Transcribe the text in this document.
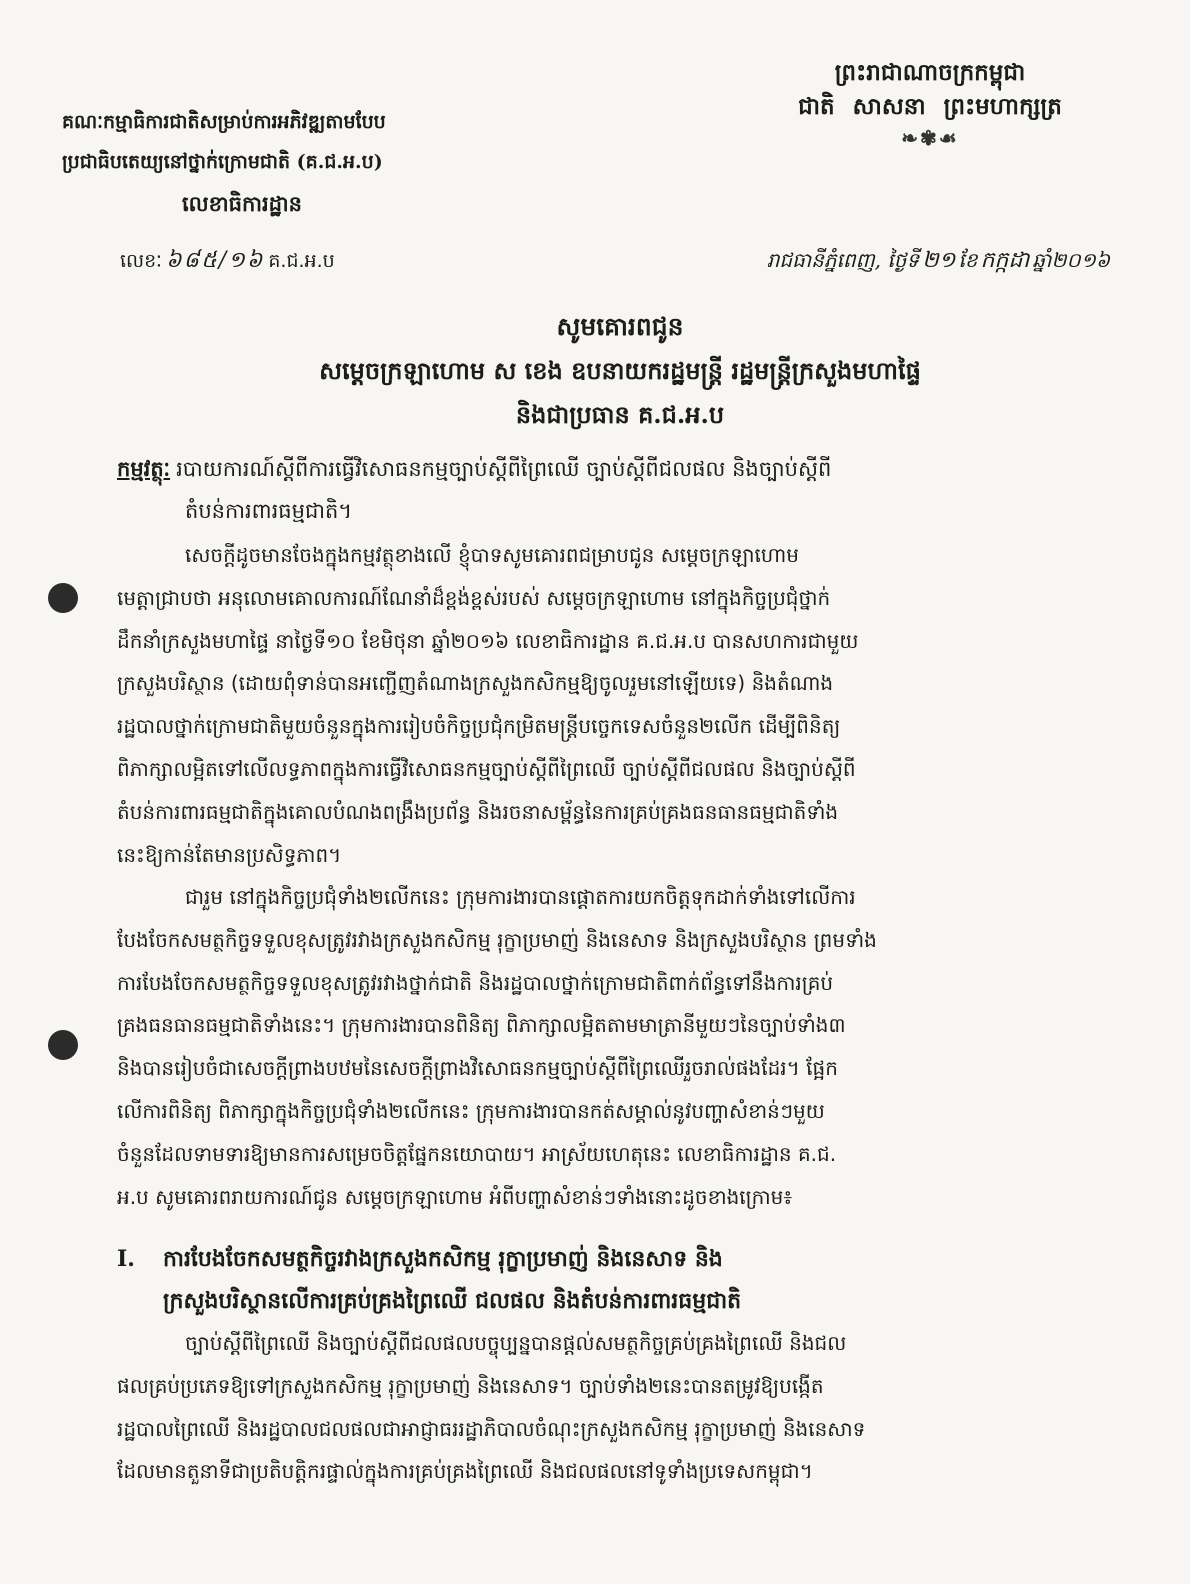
ព្រះរាជាណាចក្រកម្ពុជា
ជាតិ សាសនា ព្រះមហាក្សត្រ
❧✾☙
គណៈកម្មាធិការជាតិសម្រាប់ការអភិវឌ្ឍតាមបែប
ប្រជាធិបតេយ្យនៅថ្នាក់ក្រោមជាតិ (គ.ជ.អ.ប)
លេខាធិការដ្ឋាន
លេខៈ ៦៨៥/១៦ គ.ជ.អ.ប	រាជធានីភ្នំពេញ, ថ្ងៃទី ២១ ខែ កក្កដា ឆ្នាំ២០១៦
សូមគោរពជូន
សម្តេចក្រឡាហោម ស ខេង ឧបនាយករដ្ឋមន្ត្រី រដ្ឋមន្ត្រីក្រសួងមហាផ្ទៃ
និងជាប្រធាន គ.ជ.អ.ប
កម្មវត្ថុៈ របាយការណ៍ស្តីពីការធ្វើវិសោធនកម្មច្បាប់ស្តីពីព្រៃឈើ ច្បាប់ស្តីពីជលផល និងច្បាប់ស្តីពី
តំបន់ការពារធម្មជាតិ។
សេចក្តីដូចមានចែងក្នុងកម្មវត្ថុខាងលើ ខ្ញុំបាទសូមគោរពជម្រាបជូន សម្តេចក្រឡាហោម
មេត្តាជ្រាបថា អនុលោមគោលការណ៍ណែនាំដ៏ខ្ពង់ខ្ពស់របស់ សម្តេចក្រឡាហោម នៅក្នុងកិច្ចប្រជុំថ្នាក់
ដឹកនាំក្រសួងមហាផ្ទៃ នាថ្ងៃទី១០ ខែមិថុនា ឆ្នាំ២០១៦ លេខាធិការដ្ឋាន គ.ជ.អ.ប បានសហការជាមួយ
ក្រសួងបរិស្ថាន (ដោយពុំទាន់បានអញ្ជើញតំណាងក្រសួងកសិកម្មឱ្យចូលរួមនៅឡើយទេ) និងតំណាង
រដ្ឋបាលថ្នាក់ក្រោមជាតិមួយចំនួនក្នុងការរៀបចំកិច្ចប្រជុំកម្រិតមន្ត្រីបច្ចេកទេសចំនួន២លើក ដើម្បីពិនិត្យ
ពិភាក្សាលម្អិតទៅលើលទ្ធភាពក្នុងការធ្វើវិសោធនកម្មច្បាប់ស្តីពីព្រៃឈើ ច្បាប់ស្តីពីជលផល និងច្បាប់ស្តីពី
តំបន់ការពារធម្មជាតិក្នុងគោលបំណងពង្រឹងប្រព័ន្ធ និងរចនាសម្ព័ន្ធនៃការគ្រប់គ្រងធនធានធម្មជាតិទាំង
នេះឱ្យកាន់តែមានប្រសិទ្ធភាព។
ជារួម នៅក្នុងកិច្ចប្រជុំទាំង២លើកនេះ ក្រុមការងារបានផ្តោតការយកចិត្តទុកដាក់ទាំងទៅលើការ
បែងចែកសមត្ថកិច្ចទទួលខុសត្រូវរវាងក្រសួងកសិកម្ម រុក្ខាប្រមាញ់ និងនេសាទ និងក្រសួងបរិស្ថាន ព្រមទាំង
ការបែងចែកសមត្ថកិច្ចទទួលខុសត្រូវរវាងថ្នាក់ជាតិ និងរដ្ឋបាលថ្នាក់ក្រោមជាតិពាក់ព័ន្ធទៅនឹងការគ្រប់
គ្រងធនធានធម្មជាតិទាំងនេះ។ ក្រុមការងារបានពិនិត្យ ពិភាក្សាលម្អិតតាមមាត្រានីមួយៗនៃច្បាប់ទាំង៣
និងបានរៀបចំជាសេចក្តីព្រាងបឋមនៃសេចក្តីព្រាងវិសោធនកម្មច្បាប់ស្តីពីព្រៃឈើរួចរាល់ផងដែរ។ ផ្អែក
លើការពិនិត្យ ពិភាក្សាក្នុងកិច្ចប្រជុំទាំង២លើកនេះ ក្រុមការងារបានកត់សម្គាល់នូវបញ្ហាសំខាន់ៗមួយ
ចំនួនដែលទាមទារឱ្យមានការសម្រេចចិត្តផ្នែកនយោបាយ។ អាស្រ័យហេតុនេះ លេខាធិការដ្ឋាន គ.ជ.
អ.ប សូមគោរពរាយការណ៍ជូន សម្តេចក្រឡាហោម អំពីបញ្ហាសំខាន់ៗទាំងនោះដូចខាងក្រោម៖
I. ការបែងចែកសមត្ថកិច្ចរវាងក្រសួងកសិកម្ម រុក្ខាប្រមាញ់ និងនេសាទ និង
ក្រសួងបរិស្ថានលើការគ្រប់គ្រងព្រៃឈើ ជលផល និងតំបន់ការពារធម្មជាតិ
ច្បាប់ស្តីពីព្រៃឈើ និងច្បាប់ស្តីពីជលផលបច្ចុប្បន្នបានផ្តល់សមត្ថកិច្ចគ្រប់គ្រងព្រៃឈើ និងជល
ផលគ្រប់ប្រភេទឱ្យទៅក្រសួងកសិកម្ម រុក្ខាប្រមាញ់ និងនេសាទ។ ច្បាប់ទាំង២នេះបានតម្រូវឱ្យបង្កើត
រដ្ឋបាលព្រៃឈើ និងរដ្ឋបាលជលផលជាអាជ្ញាធររដ្ឋាភិបាលចំណុះក្រសួងកសិកម្ម រុក្ខាប្រមាញ់ និងនេសាទ
ដែលមានតួនាទីជាប្រតិបត្តិករផ្ទាល់ក្នុងការគ្រប់គ្រងព្រៃឈើ និងជលផលនៅទូទាំងប្រទេសកម្ពុជា។
